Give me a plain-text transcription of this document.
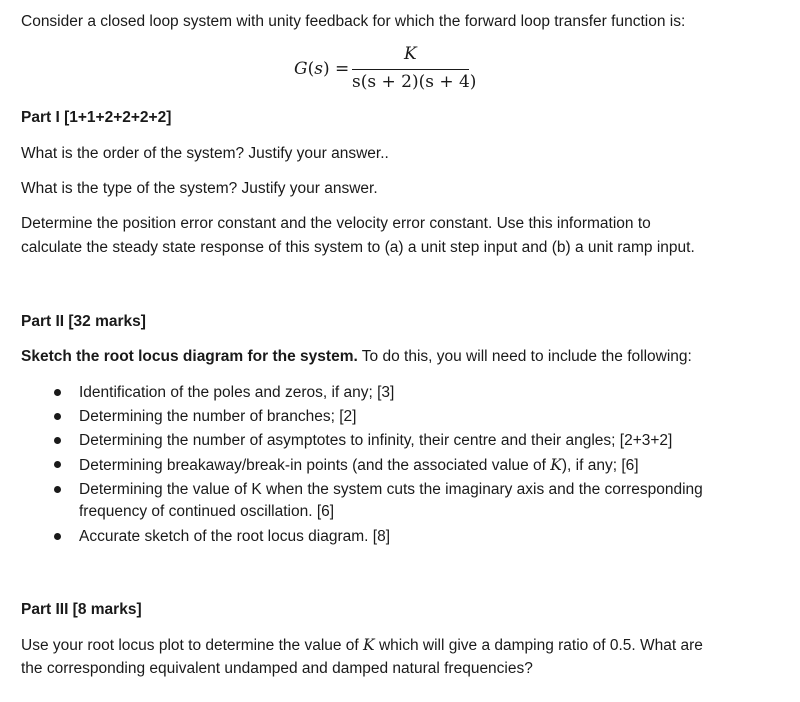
Consider a closed loop system with unity feedback for which the forward loop transfer function is:
G(s) =
K
s(s + 2)(s + 4)
Part I [1+1+2+2+2+2]
What is the order of the system? Justify your answer..
What is the type of the system? Justify your answer.
Determine the position error constant and the velocity error constant. Use this information to
calculate the steady state response of this system to (a) a unit step input and (b) a unit ramp input.
Part II [32 marks]
Sketch the root locus diagram for the system. To do this, you will need to include the following:
Identification of the poles and zeros, if any; [3]
Determining the number of branches; [2]
Determining the number of asymptotes to infinity, their centre and their angles; [2+3+2]
Determining breakaway/break-in points (and the associated value of K), if any; [6]
Determining the value of K when the system cuts the imaginary axis and the corresponding
frequency of continued oscillation. [6]
Accurate sketch of the root locus diagram. [8]
Part III [8 marks]
Use your root locus plot to determine the value of K which will give a damping ratio of 0.5. What are
the corresponding equivalent undamped and damped natural frequencies?
